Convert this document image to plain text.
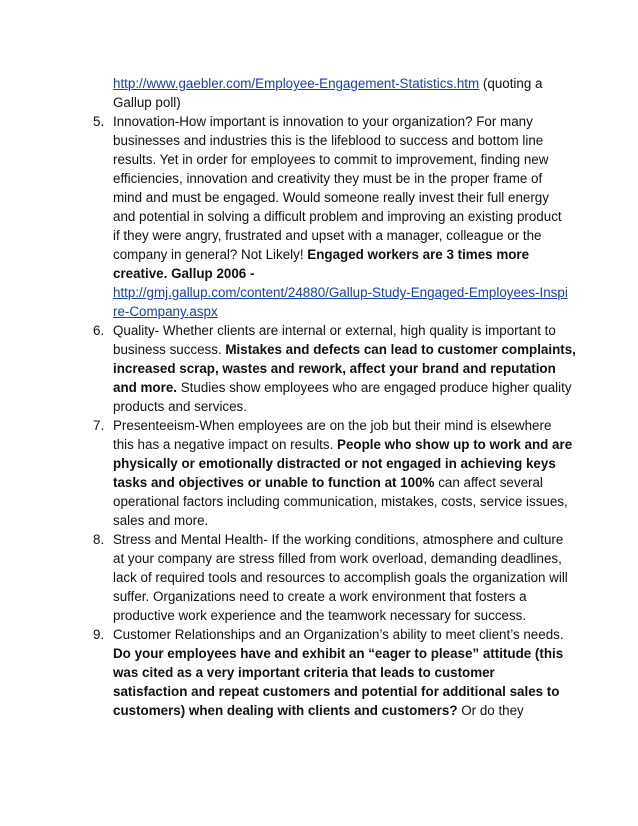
http://www.gaebler.com/Employee-Engagement-Statistics.htm (quoting a
Gallup poll)
5. Innovation-How important is innovation to your organization? For many
businesses and industries this is the lifeblood to success and bottom line
results. Yet in order for employees to commit to improvement, finding new
efficiencies, innovation and creativity they must be in the proper frame of
mind and must be engaged. Would someone really invest their full energy
and potential in solving a difficult problem and improving an existing product
if they were angry, frustrated and upset with a manager, colleague or the
company in general? Not Likely! Engaged workers are 3 times more
creative. Gallup 2006 -
http://gmj.gallup.com/content/24880/Gallup-Study-Engaged-Employees-Inspi
re-Company.aspx
6. Quality- Whether clients are internal or external, high quality is important to
business success. Mistakes and defects can lead to customer complaints,
increased scrap, wastes and rework, affect your brand and reputation
and more. Studies show employees who are engaged produce higher quality
products and services.
7. Presenteeism-When employees are on the job but their mind is elsewhere
this has a negative impact on results. People who show up to work and are
physically or emotionally distracted or not engaged in achieving keys
tasks and objectives or unable to function at 100% can affect several
operational factors including communication, mistakes, costs, service issues,
sales and more.
8. Stress and Mental Health- If the working conditions, atmosphere and culture
at your company are stress filled from work overload, demanding deadlines,
lack of required tools and resources to accomplish goals the organization will
suffer. Organizations need to create a work environment that fosters a
productive work experience and the teamwork necessary for success.
9. Customer Relationships and an Organization’s ability to meet client’s needs.
Do your employees have and exhibit an “eager to please” attitude (this
was cited as a very important criteria that leads to customer
satisfaction and repeat customers and potential for additional sales to
customers) when dealing with clients and customers? Or do they
